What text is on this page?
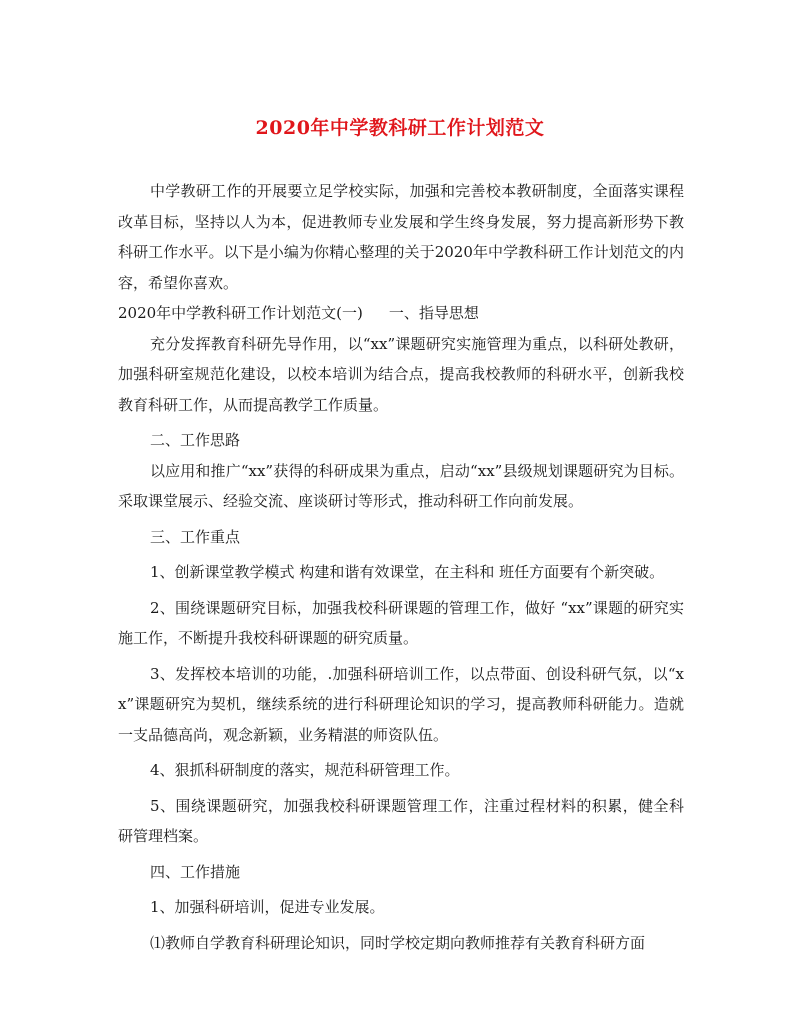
2020年中学教科研工作计划范文

中学教研工作的开展要立足学校实际，加强和完善校本教研制度，全面落实课程改革目标，坚持以人为本，促进教师专业发展和学生终身发展，努力提高新形势下教科研工作水平。以下是小编为你精心整理的关于2020年中学教科研工作计划范文的内容，希望你喜欢。

2020年中学教科研工作计划范文(一) 一、指导思想

充分发挥教育科研先导作用，以“xx”课题研究实施管理为重点，以科研处教研，加强科研室规范化建设，以校本培训为结合点，提高我校教师的科研水平，创新我校教育科研工作，从而提高教学工作质量。

二、工作思路

以应用和推广“xx”获得的科研成果为重点，启动“xx”县级规划课题研究为目标。采取课堂展示、经验交流、座谈研讨等形式，推动科研工作向前发展。

三、工作重点

1、创新课堂教学模式 构建和谐有效课堂，在主科和 班任方面要有个新突破。

2、围绕课题研究目标，加强我校科研课题的管理工作，做好 “xx”课题的研究实施工作，不断提升我校科研课题的研究质量。

3、发挥校本培训的功能，.加强科研培训工作，以点带面、创设科研气氛，以“xx”课题研究为契机，继续系统的进行科研理论知识的学习，提高教师科研能力。造就一支品德高尚，观念新颖，业务精湛的师资队伍。

4、狠抓科研制度的落实，规范科研管理工作。

5、围绕课题研究，加强我校科研课题管理工作，注重过程材料的积累，健全科研管理档案。

四、工作措施

1、加强科研培训，促进专业发展。

⑴教师自学教育科研理论知识，同时学校定期向教师推荐有关教育科研方面
